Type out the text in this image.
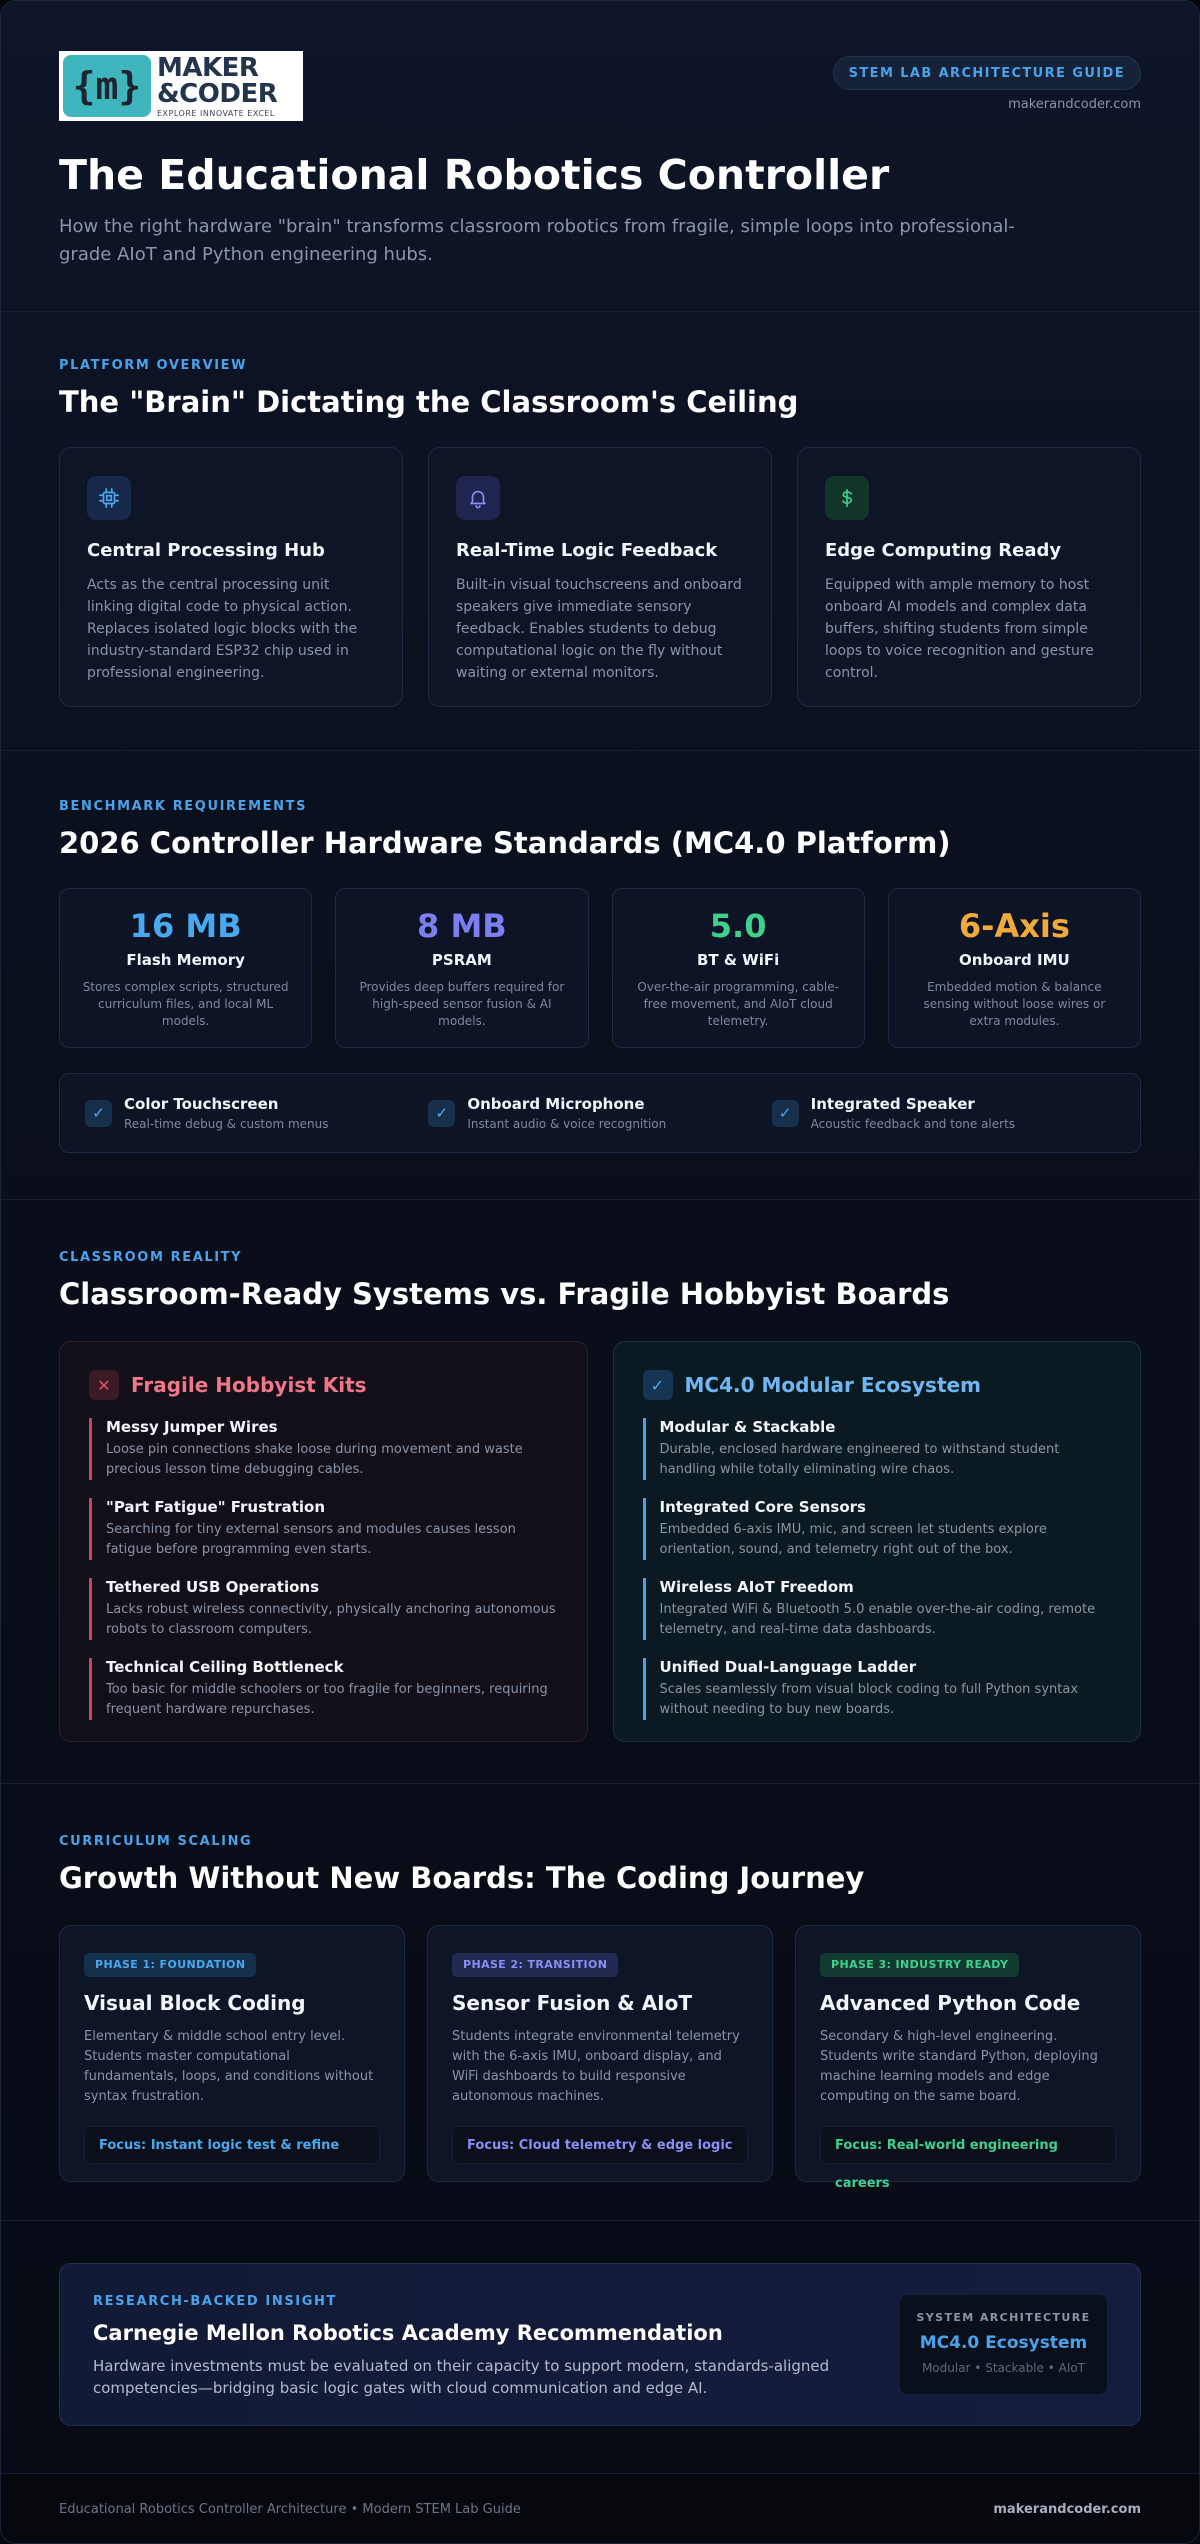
{m} MAKER
&CODER
EXPLORE INNOVATE EXCEL
STEM LAB ARCHITECTURE GUIDE
makerandcoder.com
The Educational Robotics Controller

How the right hardware "brain" transforms classroom robotics from fragile, simple loops into professional-grade AIoT and Python engineering hubs.

PLATFORM OVERVIEW
The "Brain" Dictating the Classroom's Ceiling
Central Processing Hub
Acts as the central processing unit linking digital code to physical action. Replaces isolated logic blocks with the industry-standard ESP32 chip used in professional engineering.
Real-Time Logic Feedback
Built-in visual touchscreens and onboard speakers give immediate sensory feedback. Enables students to debug computational logic on the fly without waiting or external monitors.
Edge Computing Ready
Equipped with ample memory to host onboard AI models and complex data buffers, shifting students from simple loops to voice recognition and gesture control.
BENCHMARK REQUIREMENTS
2026 Controller Hardware Standards (MC4.0 Platform)
16 MB
Flash Memory
Stores complex scripts, structured curriculum files, and local ML models.
8 MB
PSRAM
Provides deep buffers required for high-speed sensor fusion & AI models.
5.0
BT & WiFi
Over-the-air programming, cable-free movement, and AIoT cloud telemetry.
6-Axis
Onboard IMU
Embedded motion & balance sensing without loose wires or extra modules.
✓	Color Touchscreen
Real-time debug & custom menus
✓	Onboard Microphone
Instant audio & voice recognition
✓	Integrated Speaker
Acoustic feedback and tone alerts
CLASSROOM REALITY
Classroom-Ready Systems vs. Fragile Hobbyist Boards
✕	Fragile Hobbyist Kits
Messy Jumper Wires
Loose pin connections shake loose during movement and waste precious lesson time debugging cables.
"Part Fatigue" Frustration
Searching for tiny external sensors and modules causes lesson fatigue before programming even starts.
Tethered USB Operations
Lacks robust wireless connectivity, physically anchoring autonomous robots to classroom computers.
Technical Ceiling Bottleneck
Too basic for middle schoolers or too fragile for beginners, requiring frequent hardware repurchases.
✓	MC4.0 Modular Ecosystem
Modular & Stackable
Durable, enclosed hardware engineered to withstand student handling while totally eliminating wire chaos.
Integrated Core Sensors
Embedded 6-axis IMU, mic, and screen let students explore orientation, sound, and telemetry right out of the box.
Wireless AIoT Freedom
Integrated WiFi & Bluetooth 5.0 enable over-the-air coding, remote telemetry, and real-time data dashboards.
Unified Dual-Language Ladder
Scales seamlessly from visual block coding to full Python syntax without needing to buy new boards.
CURRICULUM SCALING
Growth Without New Boards: The Coding Journey
PHASE 1: FOUNDATION
Visual Block Coding
Elementary & middle school entry level. Students master computational fundamentals, loops, and conditions without syntax frustration.
Focus: Instant logic test & refine
PHASE 2: TRANSITION
Sensor Fusion & AIoT
Students integrate environmental telemetry with the 6-axis IMU, onboard display, and WiFi dashboards to build responsive autonomous machines.
Focus: Cloud telemetry & edge logic
PHASE 3: INDUSTRY READY
Advanced Python Code
Secondary & high-level engineering. Students write standard Python, deploying machine learning models and edge computing on the same board.
Focus: Real-world engineering careers
RESEARCH-BACKED INSIGHT
Carnegie Mellon Robotics Academy Recommendation
Hardware investments must be evaluated on their capacity to support modern, standards-aligned competencies—bridging basic logic gates with cloud communication and edge AI.
SYSTEM ARCHITECTURE
MC4.0 Ecosystem
Modular • Stackable • AIoT
Educational Robotics Controller Architecture • Modern STEM Lab Guide	makerandcoder.com
